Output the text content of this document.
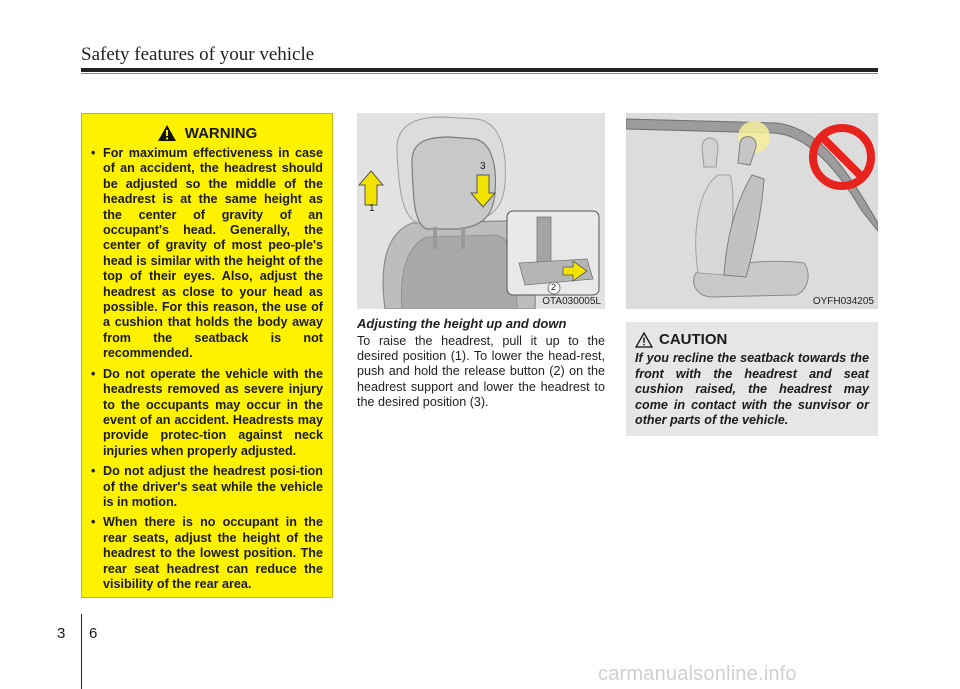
Safety features of your vehicle
WARNING
• For maximum effectiveness in case of an accident, the headrest should be adjusted so the middle of the headrest is at the same height as the center of gravity of an occupant's head. Generally, the center of gravity of most peo-ple's head is similar with the height of the top of their eyes. Also, adjust the headrest as close to your head as possible. For this reason, the use of a cushion that holds the body away from the seatback is not recommended.
• Do not operate the vehicle with the headrests removed as severe injury to the occupants may occur in the event of an accident. Headrests may provide protec-tion against neck injuries when properly adjusted.
• Do not adjust the headrest posi-tion of the driver's seat while the vehicle is in motion.
• When there is no occupant in the rear seats, adjust the height of the headrest to the lowest position. The rear seat headrest can reduce the visibility of the rear area.
1
3
2
OTA030005L	OYFH034205
Adjusting the height up and down
To raise the headrest, pull it up to the desired position (1). To lower the head-rest, push and hold the release button (2) on the headrest support and lower the headrest to the desired position (3).
CAUTION
If you recline the seatback towards the front with the headrest and seat cushion raised, the headrest may come in contact with the sunvisor or other parts of the vehicle.
3 6
carmanualsonline.info
